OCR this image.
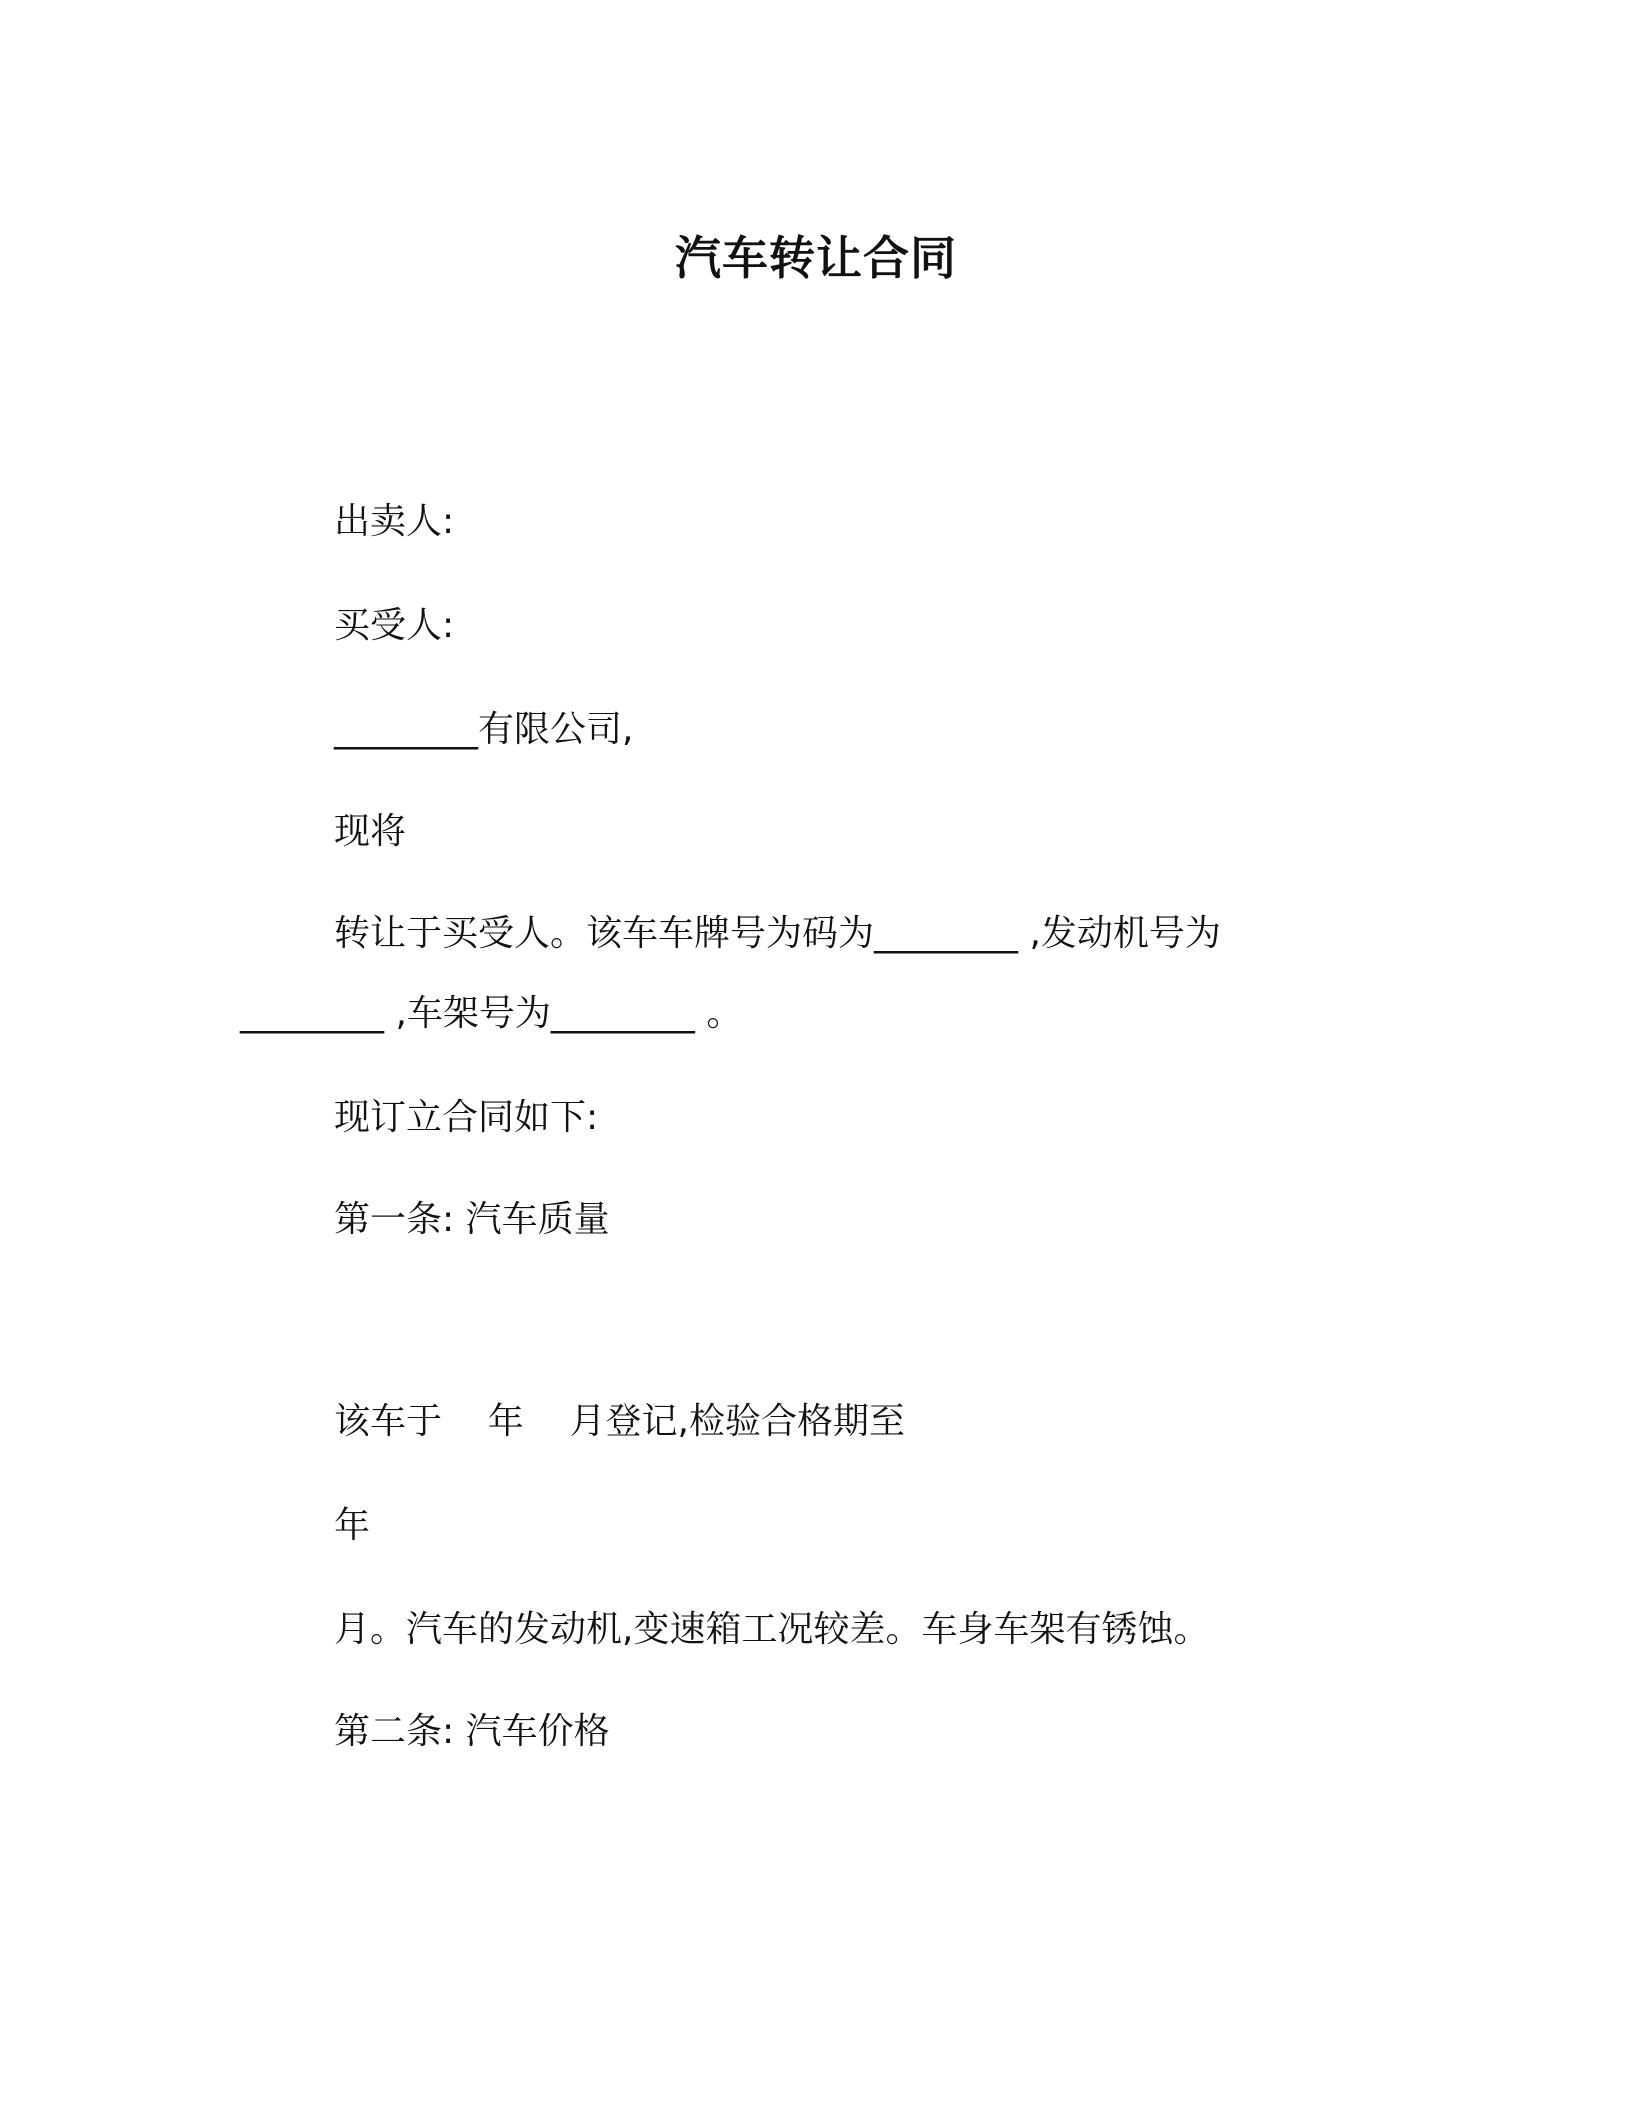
汽车转让合同
出卖人:
买受人:
________有限公司,
现将
转让于买受人。该车车牌号为码为________ ,发动机号为
________ ,车架号为________ 。
现订立合同如下:
第一条: 汽车质量
该车于    年    月登记,检验合格期至
年
月。汽车的发动机,变速箱工况较差。车身车架有锈蚀。
第二条: 汽车价格
